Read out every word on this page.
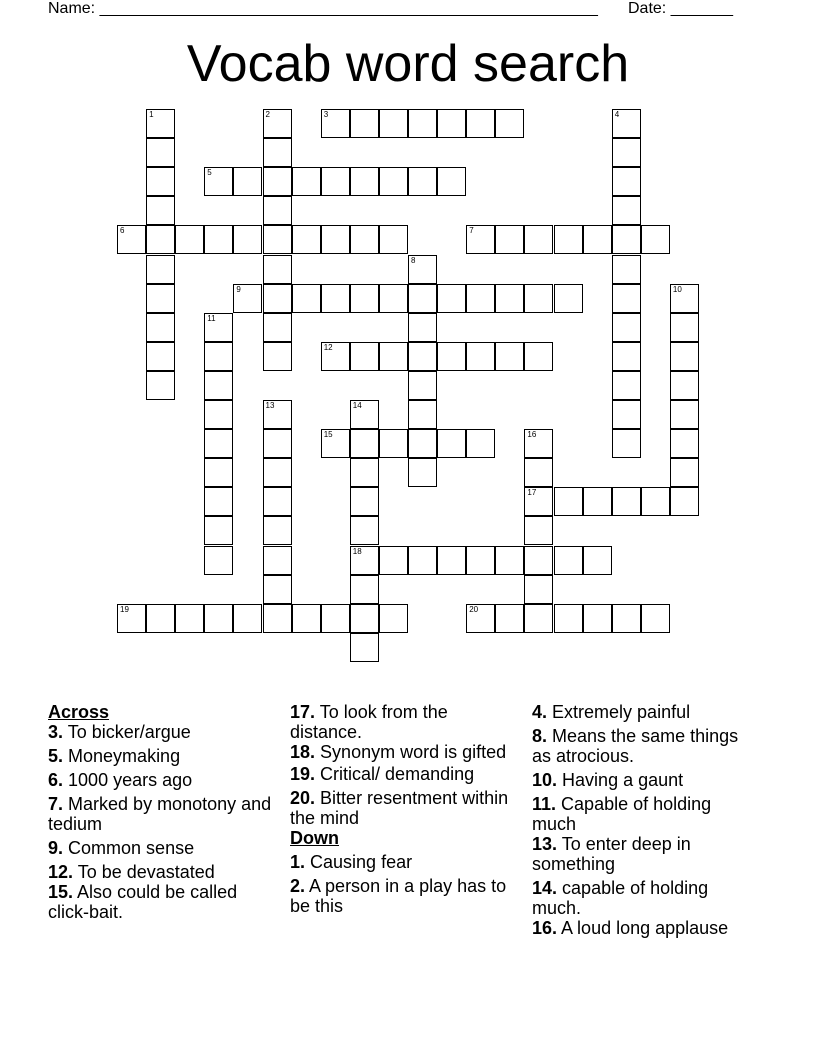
Name: ________________________________________________________ Date: _______
Vocab word search
1	2	3	4
5
6	7
8
9	10
11
12
13	14
18
15	16
17
19	20

Across

3. To bicker/argue

5. Moneymaking

6. 1000 years ago

7. Marked by monotony and tedium

9. Common sense

12. To be devastated

15. Also could be called click-bait.

17. To look from the distance.

18. Synonym word is gifted

19. Critical/ demanding

20. Bitter resentment within the mind

Down

1. Causing fear

2. A person in a play has to be this

4. Extremely painful

8. Means the same things as atrocious.

10. Having a gaunt

11. Capable of holding much

13. To enter deep in something

14. capable of holding much.

16. A loud long applause
